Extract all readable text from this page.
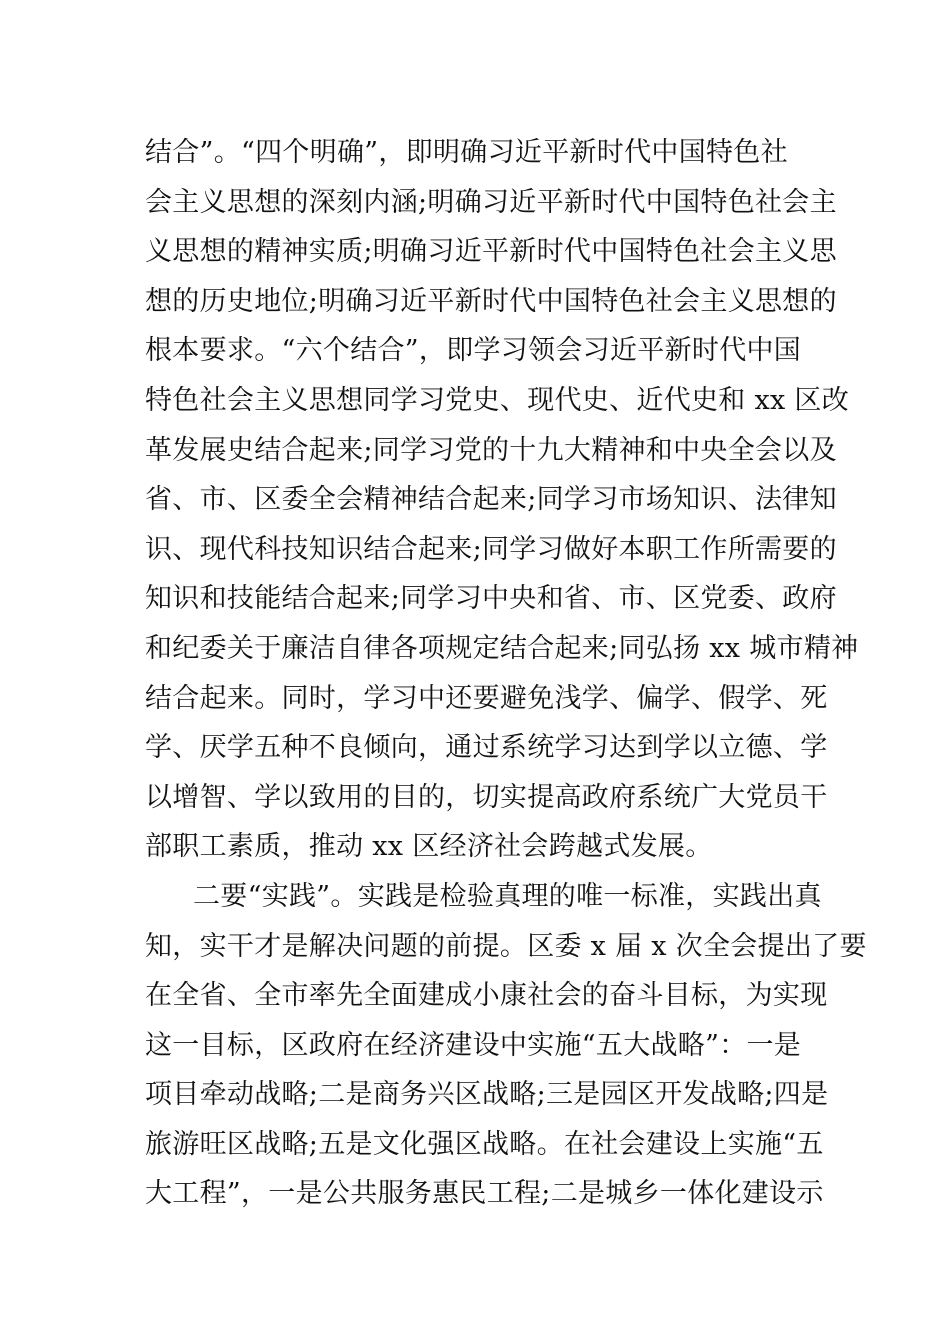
结合”。“四个明确”，即明确习近平新时代中国特色社
会主义思想的深刻内涵;明确习近平新时代中国特色社会主
义思想的精神实质;明确习近平新时代中国特色社会主义思
想的历史地位;明确习近平新时代中国特色社会主义思想的
根本要求。“六个结合”，即学习领会习近平新时代中国
特色社会主义思想同学习党史、现代史、近代史和 xx 区改
革发展史结合起来;同学习党的十九大精神和中央全会以及
省、市、区委全会精神结合起来;同学习市场知识、法律知
识、现代科技知识结合起来;同学习做好本职工作所需要的
知识和技能结合起来;同学习中央和省、市、区党委、政府
和纪委关于廉洁自律各项规定结合起来;同弘扬 xx 城市精神
结合起来。同时，学习中还要避免浅学、偏学、假学、死
学、厌学五种不良倾向，通过系统学习达到学以立德、学
以增智、学以致用的目的，切实提高政府系统广大党员干
部职工素质，推动 xx 区经济社会跨越式发展。
二要“实践”。实践是检验真理的唯一标准，实践出真
知，实干才是解决问题的前提。区委 x 届 x 次全会提出了要
在全省、全市率先全面建成小康社会的奋斗目标，为实现
这一目标，区政府在经济建设中实施“五大战略”：一是
项目牵动战略;二是商务兴区战略;三是园区开发战略;四是
旅游旺区战略;五是文化强区战略。在社会建设上实施“五
大工程”，一是公共服务惠民工程;二是城乡一体化建设示
